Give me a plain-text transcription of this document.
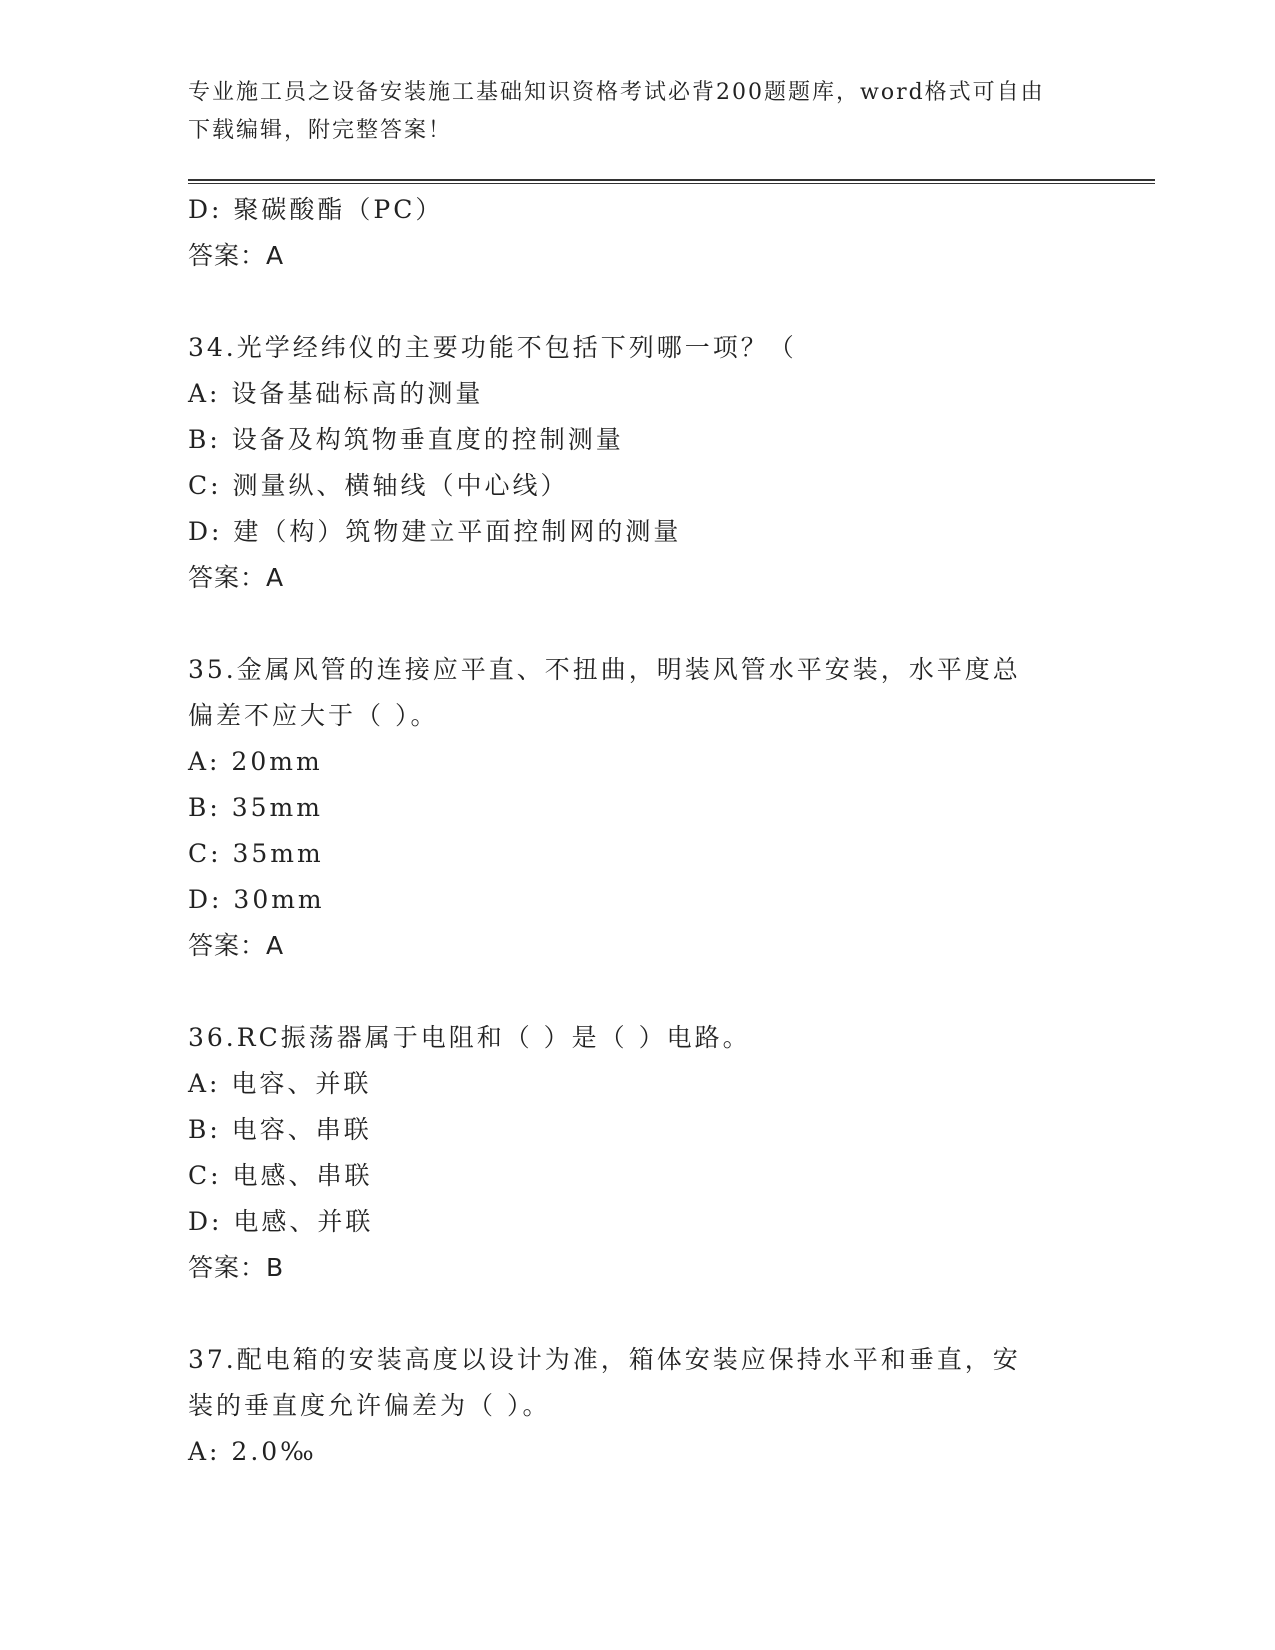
专业施工员之设备安装施工基础知识资格考试必背200题题库，word格式可自由下载编辑，附完整答案！
D: 聚碳酸酯（PC）
答案：A
34.光学经纬仪的主要功能不包括下列哪一项？（
A: 设备基础标高的测量
B: 设备及构筑物垂直度的控制测量
C: 测量纵、横轴线（中心线）
D: 建（构）筑物建立平面控制网的测量
答案：A
35.金属风管的连接应平直、不扭曲，明装风管水平安装，水平度总偏差不应大于（ ）。
A: 20mm
B: 35mm
C: 35mm
D: 30mm
答案：A
36.RC振荡器属于电阻和（ ）是（ ）电路。
A: 电容、并联
B: 电容、串联
C: 电感、串联
D: 电感、并联
答案：B
37.配电箱的安装高度以设计为准，箱体安装应保持水平和垂直，安装的垂直度允许偏差为（ ）。
A: 2.0‰
